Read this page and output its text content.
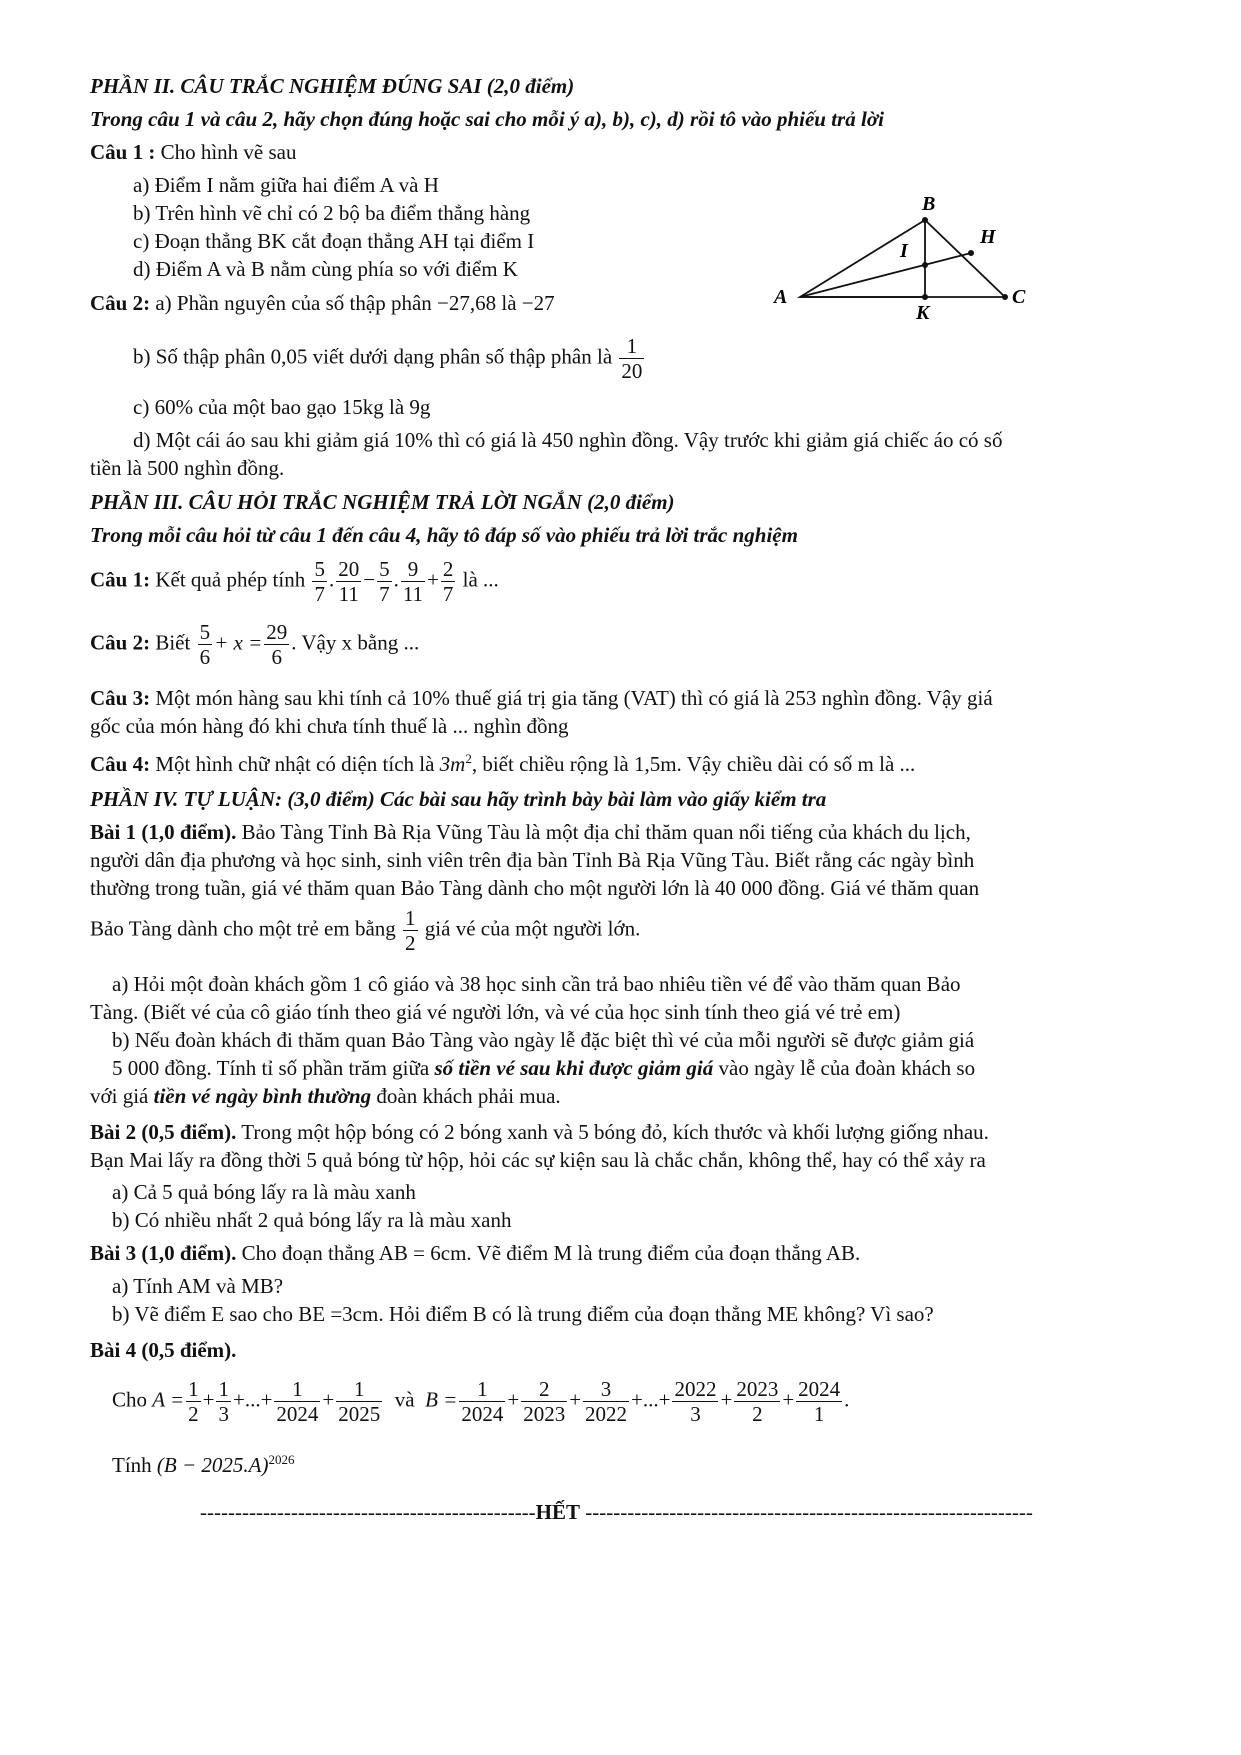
PHẦN II. CÂU TRẮC NGHIỆM ĐÚNG SAI (2,0 điểm)
Trong câu 1 và câu 2, hãy chọn đúng hoặc sai cho mỗi ý a), b), c), d) rồi tô vào phiếu trả lời
Câu 1 : Cho hình vẽ sau
a) Điểm I nằm giữa hai điểm A và H
b) Trên hình vẽ chỉ có 2 bộ ba điểm thẳng hàng
c) Đoạn thẳng BK cắt đoạn thẳng AH tại điểm I
d) Điểm A và B nằm cùng phía so với điểm K
B
H
I
A
K
C
Câu 2: a) Phần nguyên của số thập phân −27,68 là −27
b) Số thập phân 0,05 viết dưới dạng phân số thập phân là $\frac{1}{20}$
c) 60% của một bao gạo 15kg là 9g
d) Một cái áo sau khi giảm giá 10% thì có giá là 450 nghìn đồng. Vậy trước khi giảm giá chiếc áo có số
tiền là 500 nghìn đồng.
PHẦN III. CÂU HỎI TRẮC NGHIỆM TRẢ LỜI NGẮN (2,0 điểm)
Trong mỗi câu hỏi từ câu 1 đến câu 4, hãy tô đáp số vào phiếu trả lời trắc nghiệm
Câu 1: Kết quả phép tính $\frac{5}{7}$ . $\frac{20}{11} - \frac{5}{7}$ . $\frac{9}{11} + \frac{2}{7}$ là ...
Câu 2: Biết $\frac{5}{6} + x = \frac{29}{6}$ . Vậy x bằng ...
Câu 3: Một món hàng sau khi tính cả 10% thuế giá trị gia tăng (VAT) thì có giá là 253 nghìn đồng. Vậy giá
gốc của món hàng đó khi chưa tính thuế là ... nghìn đồng
Câu 4: Một hình chữ nhật có diện tích là $3m^2$, biết chiều rộng là 1,5m. Vậy chiều dài có số m là ...
PHẦN IV. TỰ LUẬN: (3,0 điểm) Các bài sau hãy trình bày bài làm vào giấy kiểm tra
Bài 1 (1,0 điểm). Bảo Tàng Tỉnh Bà Rịa Vũng Tàu là một địa chỉ thăm quan nổi tiếng của khách du lịch,
người dân địa phương và học sinh, sinh viên trên địa bàn Tỉnh Bà Rịa Vũng Tàu. Biết rằng các ngày bình
thường trong tuần, giá vé thăm quan Bảo Tàng dành cho một người lớn là 40 000 đồng. Giá vé thăm quan
Bảo Tàng dành cho một trẻ em bằng $\frac{1}{2}$ giá vé của một người lớn.
a) Hỏi một đoàn khách gồm 1 cô giáo và 38 học sinh cần trả bao nhiêu tiền vé để vào thăm quan Bảo
Tàng. (Biết vé của cô giáo tính theo giá vé người lớn, và vé của học sinh tính theo giá vé trẻ em)
b) Nếu đoàn khách đi thăm quan Bảo Tàng vào ngày lễ đặc biệt thì vé của mỗi người sẽ được giảm giá
5 000 đồng. Tính tỉ số phần trăm giữa số tiền vé sau khi được giảm giá vào ngày lễ của đoàn khách so
với giá tiền vé ngày bình thường đoàn khách phải mua.
Bài 2 (0,5 điểm). Trong một hộp bóng có 2 bóng xanh và 5 bóng đỏ, kích thước và khối lượng giống nhau.
Bạn Mai lấy ra đồng thời 5 quả bóng từ hộp, hỏi các sự kiện sau là chắc chắn, không thể, hay có thể xảy ra
a) Cả 5 quả bóng lấy ra là màu xanh
b) Có nhiều nhất 2 quả bóng lấy ra là màu xanh
Bài 3 (1,0 điểm). Cho đoạn thẳng AB = 6cm. Vẽ điểm M là trung điểm của đoạn thẳng AB.
a) Tính AM và MB?
b) Vẽ điểm E sao cho BE =3cm. Hỏi điểm B có là trung điểm của đoạn thẳng ME không? Vì sao?
Bài 4 (0,5 điểm).
Cho $A = \frac{1}{2} + \frac{1}{3}$ +...+ $\frac{1}{2024} + \frac{1}{2025}$ và $B = \frac{1}{2024} + \frac{2}{2023} + \frac{3}{2022}$ +...+ $\frac{2022}{3} + \frac{2023}{2} + \frac{2024}{1}$ .
Tính $(B - 2025.A)^{2026}$
------------------------------------------------HẾT ----------------------------------------------------------------
